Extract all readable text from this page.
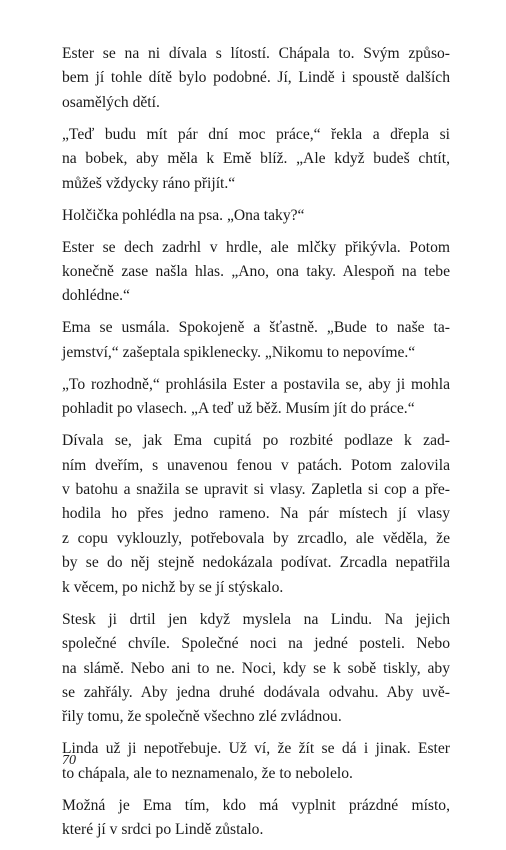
Ester se na ni dívala s lítostí. Chápala to. Svým způso-
bem jí tohle dítě bylo podobné. Jí, Lindě i spoustě dalších
osamělých dětí.

„Teď budu mít pár dní moc práce,“ řekla a dřepla si
na bobek, aby měla k Emě blíž. „Ale když budeš chtít,
můžeš vždycky ráno přijít.“

Holčička pohlédla na psa. „Ona taky?“

Ester se dech zadrhl v hrdle, ale mlčky přikývla. Potom
konečně zase našla hlas. „Ano, ona taky. Alespoň na tebe
dohlédne.“

Ema se usmála. Spokojeně a šťastně. „Bude to naše ta-
jemství,“ zašeptala spiklenecky. „Nikomu to nepovíme.“

„To rozhodně,“ prohlásila Ester a postavila se, aby ji mohla
pohladit po vlasech. „A teď už běž. Musím jít do práce.“

Dívala se, jak Ema cupitá po rozbité podlaze k zad-
ním dveřím, s unavenou fenou v patách. Potom zalovila
v batohu a snažila se upravit si vlasy. Zapletla si cop a pře-
hodila ho přes jedno rameno. Na pár místech jí vlasy
z copu vyklouzly, potřebovala by zrcadlo, ale věděla, že
by se do něj stejně nedokázala podívat. Zrcadla nepatřila
k věcem, po nichž by se jí stýskalo.

Stesk ji drtil jen když myslela na Lindu. Na jejich
společné chvíle. Společné noci na jedné posteli. Nebo
na slámě. Nebo ani to ne. Noci, kdy se k sobě tiskly, aby
se zahřály. Aby jedna druhé dodávala odvahu. Aby uvě-
řily tomu, že společně všechno zlé zvládnou.

Linda už ji nepotřebuje. Už ví, že žít se dá i jinak. Ester
to chápala, ale to neznamenalo, že to nebolelo.

Možná je Ema tím, kdo má vyplnit prázdné místo,
které jí v srdci po Lindě zůstalo.

70
